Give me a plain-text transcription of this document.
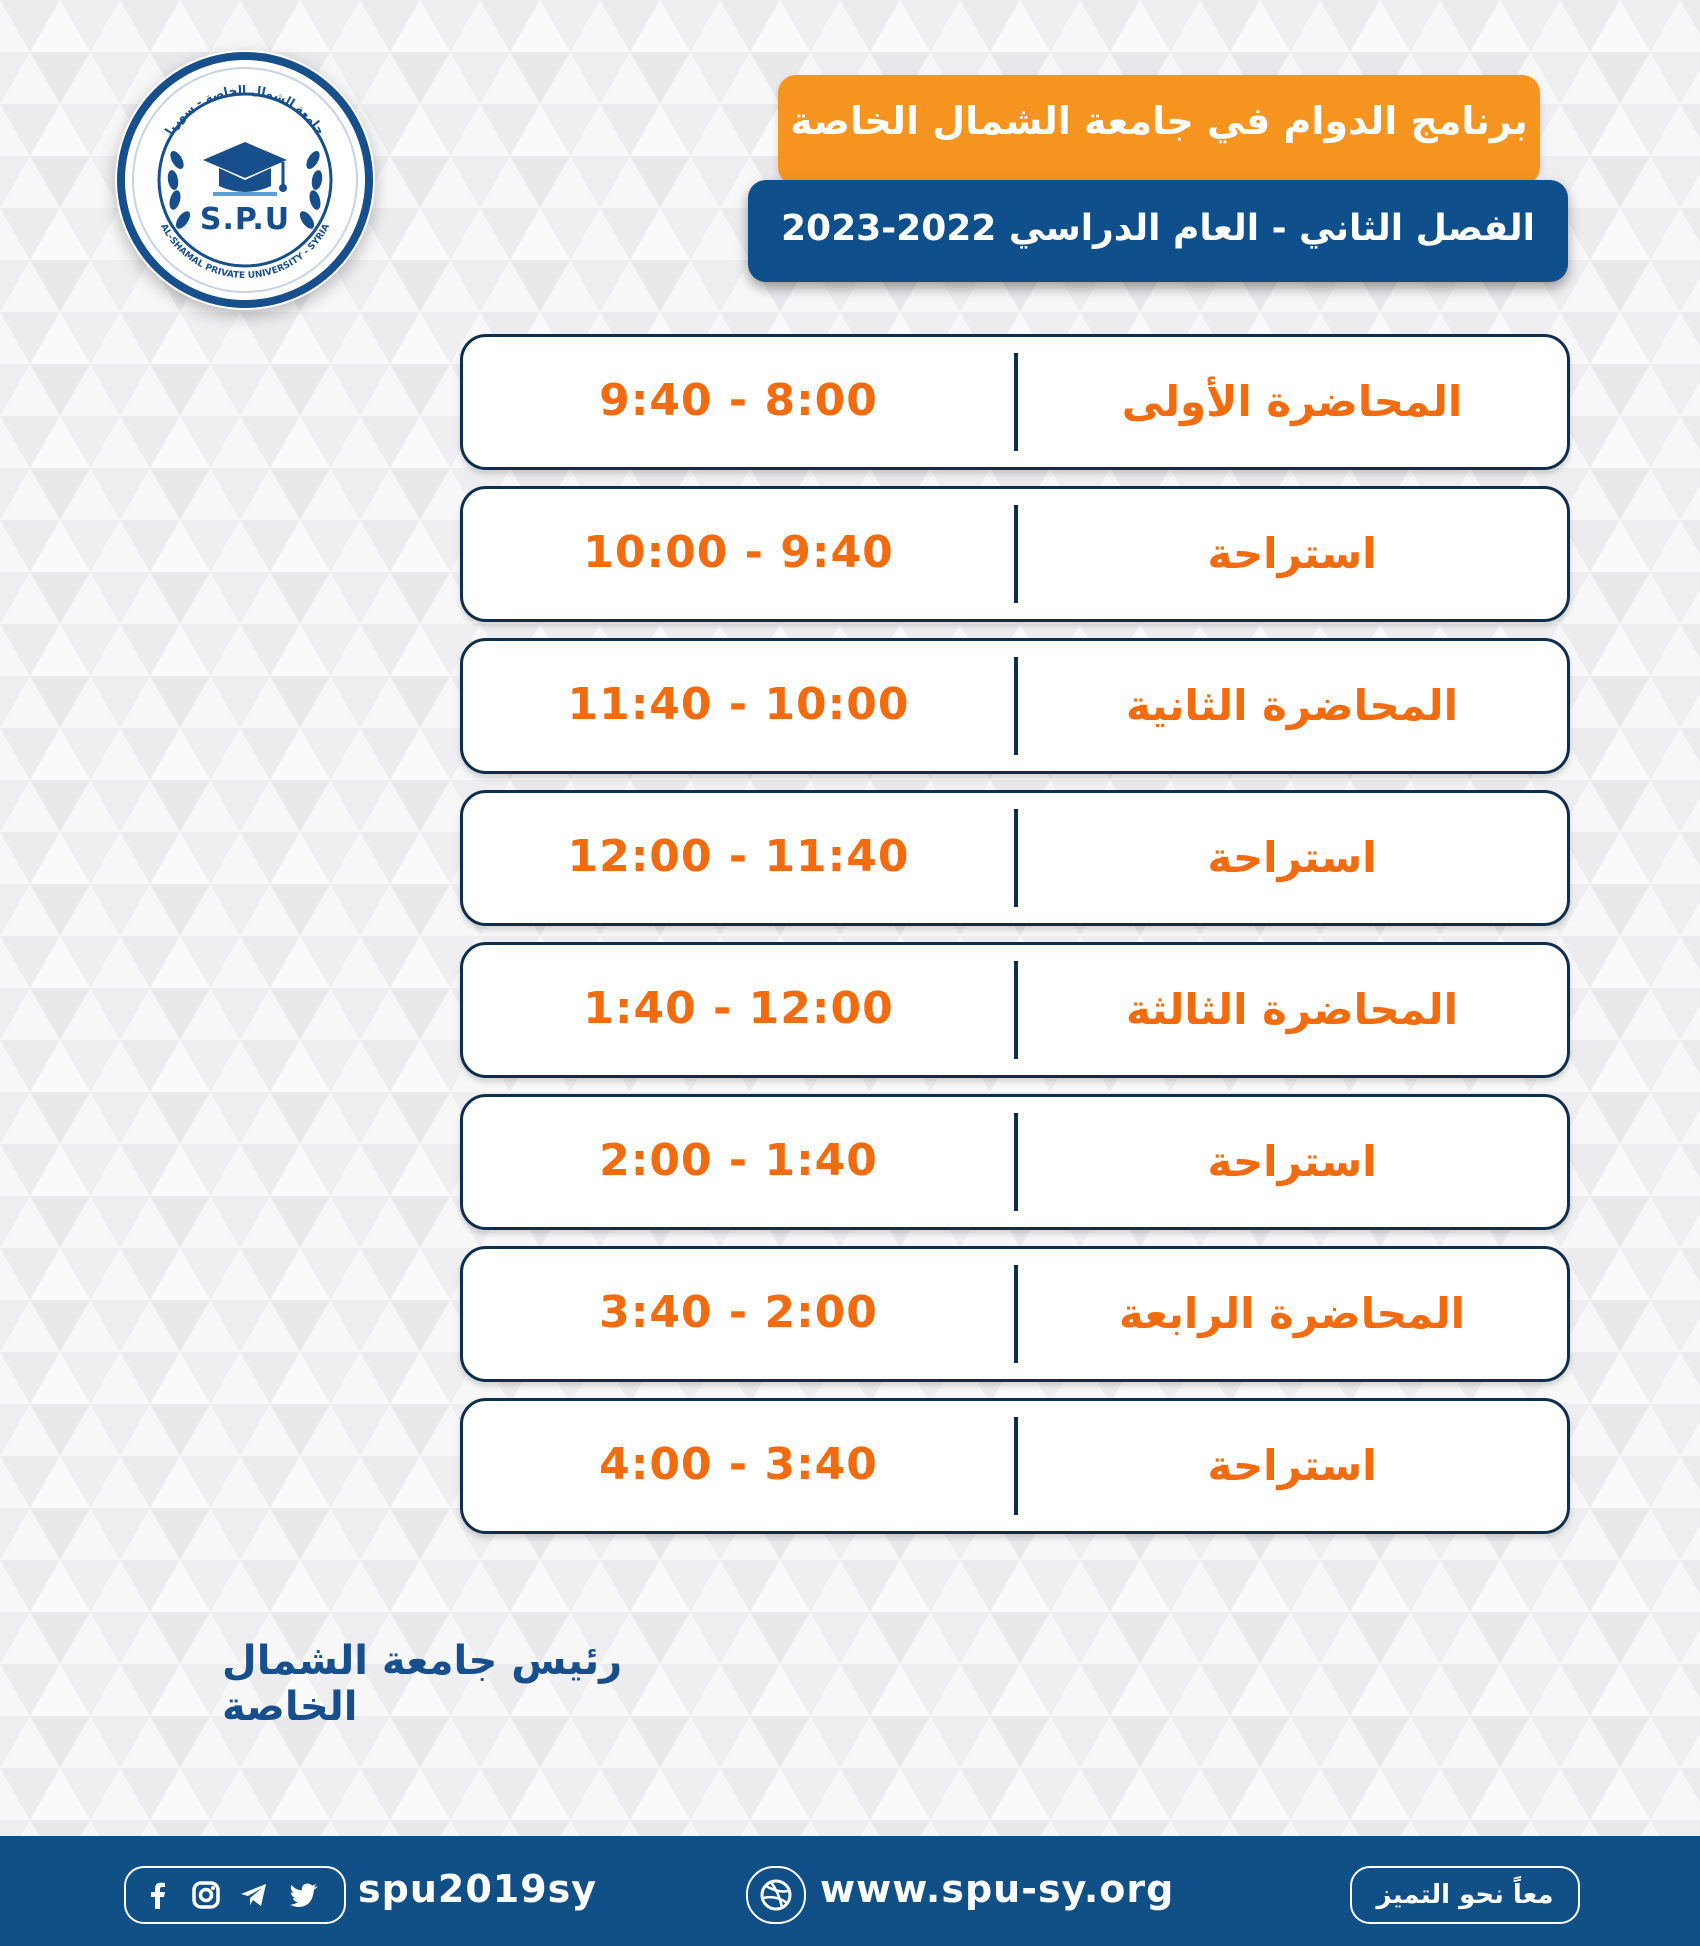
جامعة الشمال الخاصة - سوريا
AL-SHAMAL PRIVATE UNIVERSITY - SYRIA
S.P.U
برنامج الدوام في جامعة الشمال الخاصة
الفصل الثاني - العام الدراسي 2022-2023
المحاضرة الأولى
9:40 - 8:00
استراحة
10:00 - 9:40
المحاضرة الثانية
11:40 - 10:00
استراحة
12:00 - 11:40
المحاضرة الثالثة
1:40 - 12:00
استراحة
2:00 - 1:40
المحاضرة الرابعة
3:40 - 2:00
استراحة
4:00 - 3:40
رئيس جامعة الشمال الخاصة
spu2019sy	www.spu-sy.org	معاً نحو التميز
